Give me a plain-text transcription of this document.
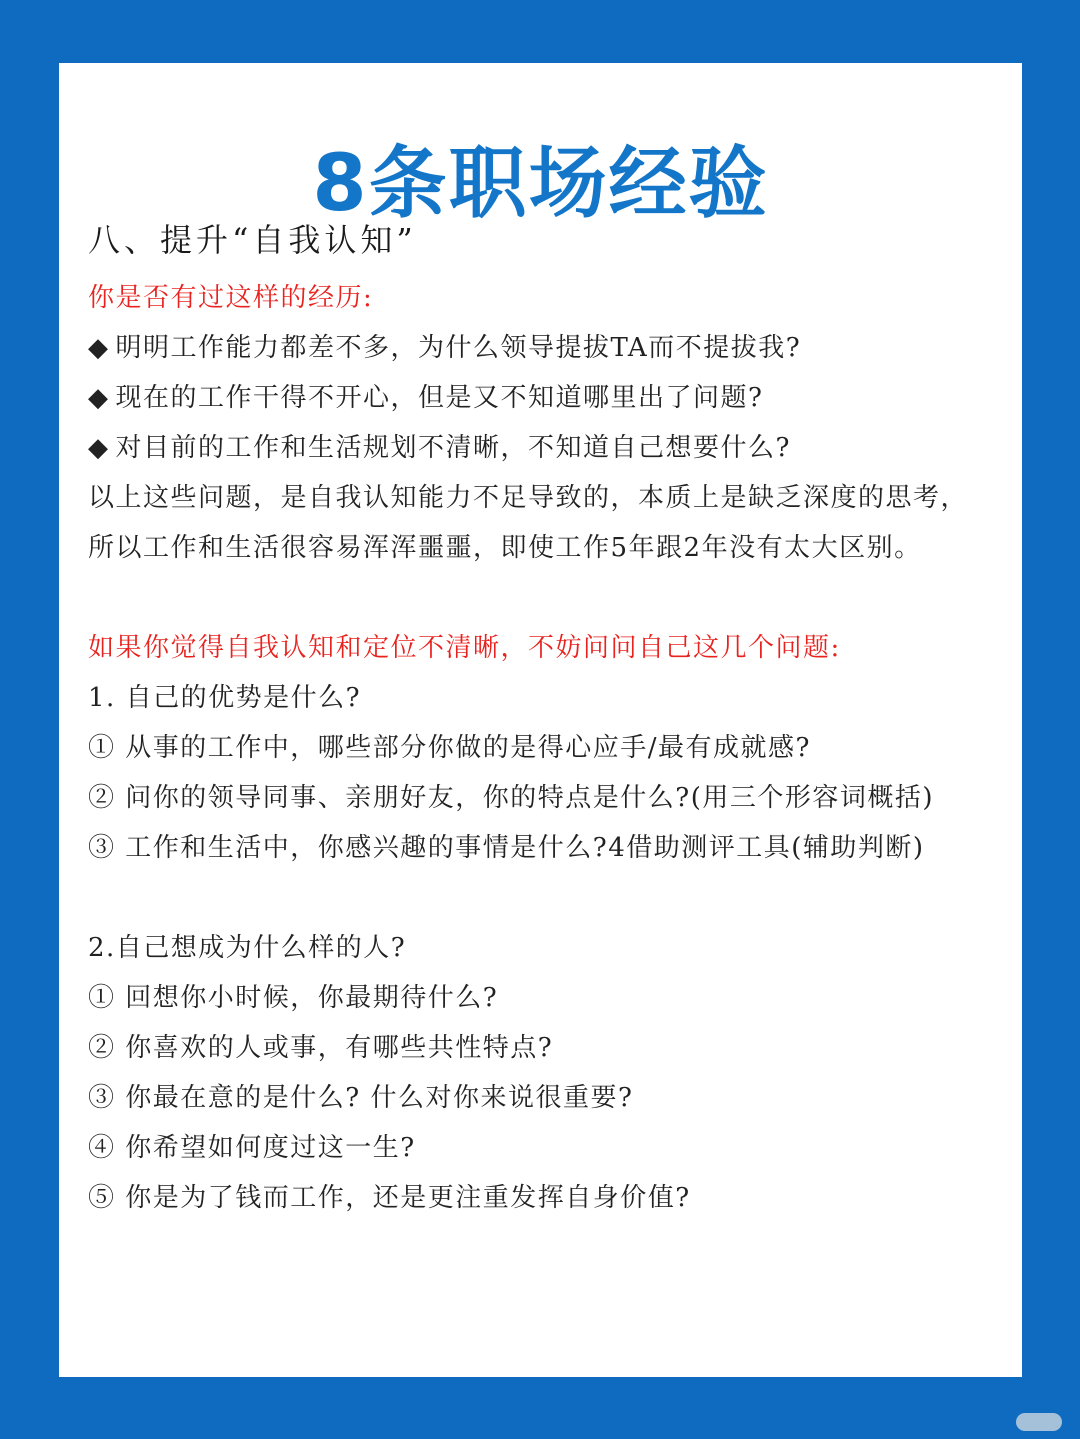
8条职场经验
八、提升“自我认知”
你是否有过这样的经历:
◆ 明明工作能力都差不多，为什么领导提拔TA而不提拔我?
◆ 现在的工作干得不开心，但是又不知道哪里出了问题?
◆ 对目前的工作和生活规划不清晰，不知道自己想要什么?
以上这些问题，是自我认知能力不足导致的，本质上是缺乏深度的思考，
所以工作和生活很容易浑浑噩噩，即使工作5年跟2年没有太大区别。
如果你觉得自我认知和定位不清晰，不妨问问自己这几个问题:
1. 自己的优势是什么?
① 从事的工作中，哪些部分你做的是得心应手/最有成就感?
② 问你的领导同事、亲朋好友，你的特点是什么?(用三个形容词概括)
③ 工作和生活中，你感兴趣的事情是什么?4借助测评工具(辅助判断)
2.自己想成为什么样的人?
① 回想你小时候，你最期待什么?
② 你喜欢的人或事，有哪些共性特点?
③ 你最在意的是什么? 什么对你来说很重要?
④ 你希望如何度过这一生?
⑤ 你是为了钱而工作，还是更注重发挥自身价值?
